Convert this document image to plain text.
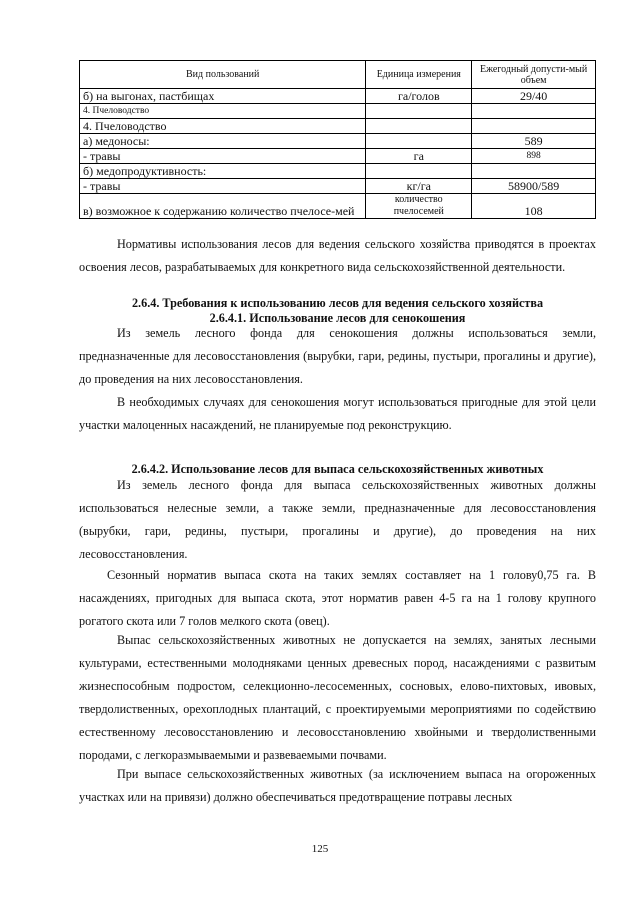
Вид пользований	Единица измерения	Ежегодный допусти-мый объем
б) на выгонах, пастбищах	га/голов	29/40
4. Пчеловодство		
4. Пчеловодство		
а) медоносы:		589
- травы	га	898
б) медопродуктивность:		
- травы	кг/га	58900/589
в) возможное к содержанию количество пчелосе-мей	количество пчелосемей	108

Нормативы использования лесов для ведения сельского хозяйства приводятся в проектах освоения лесов, разрабатываемых для конкретного вида сельскохозяйственной деятельности.

2.6.4. Требования к использованию лесов для ведения сельского хозяйства
2.6.4.1. Использование лесов для сенокошения

Из земель лесного фонда для сенокошения должны использоваться земли, предназначенные для лесовосстановления (вырубки, гари, редины, пустыри, прогалины и другие), до проведения на них лесовосстановления.

В необходимых случаях для сенокошения могут использоваться пригодные для этой цели участки малоценных насаждений, не планируемые под реконструкцию.

2.6.4.2. Использование лесов для выпаса сельскохозяйственных животных

Из земель лесного фонда для выпаса сельскохозяйственных животных должны использоваться нелесные земли, а также земли, предназначенные для лесовосстановления (вырубки, гари, редины, пустыри, прогалины и другие), до проведения на них лесовосстановления.

Сезонный норматив выпаса скота на таких землях составляет на 1 голову0,75 га. В насаждениях, пригодных для выпаса скота, этот норматив равен 4-5 га на 1 голову крупного рогатого скота или 7 голов мелкого скота (овец).

Выпас сельскохозяйственных животных не допускается на землях, занятых лесными культурами, естественными молодняками ценных древесных пород, насаждениями с развитым жизнеспособным подростом, селекционно-лесосеменных, сосновых, елово-пихтовых, ивовых, твердолиственных, орехоплодных плантаций, с проектируемыми мероприятиями по содействию естественному лесовосстановлению и лесовосстановлению хвойными и твердолиственными породами, с легкоразмываемыми и развеваемыми почвами.

При выпасе сельскохозяйственных животных (за исключением выпаса на огороженных участках или на привязи) должно обеспечиваться предотвращение потравы лесных

125
